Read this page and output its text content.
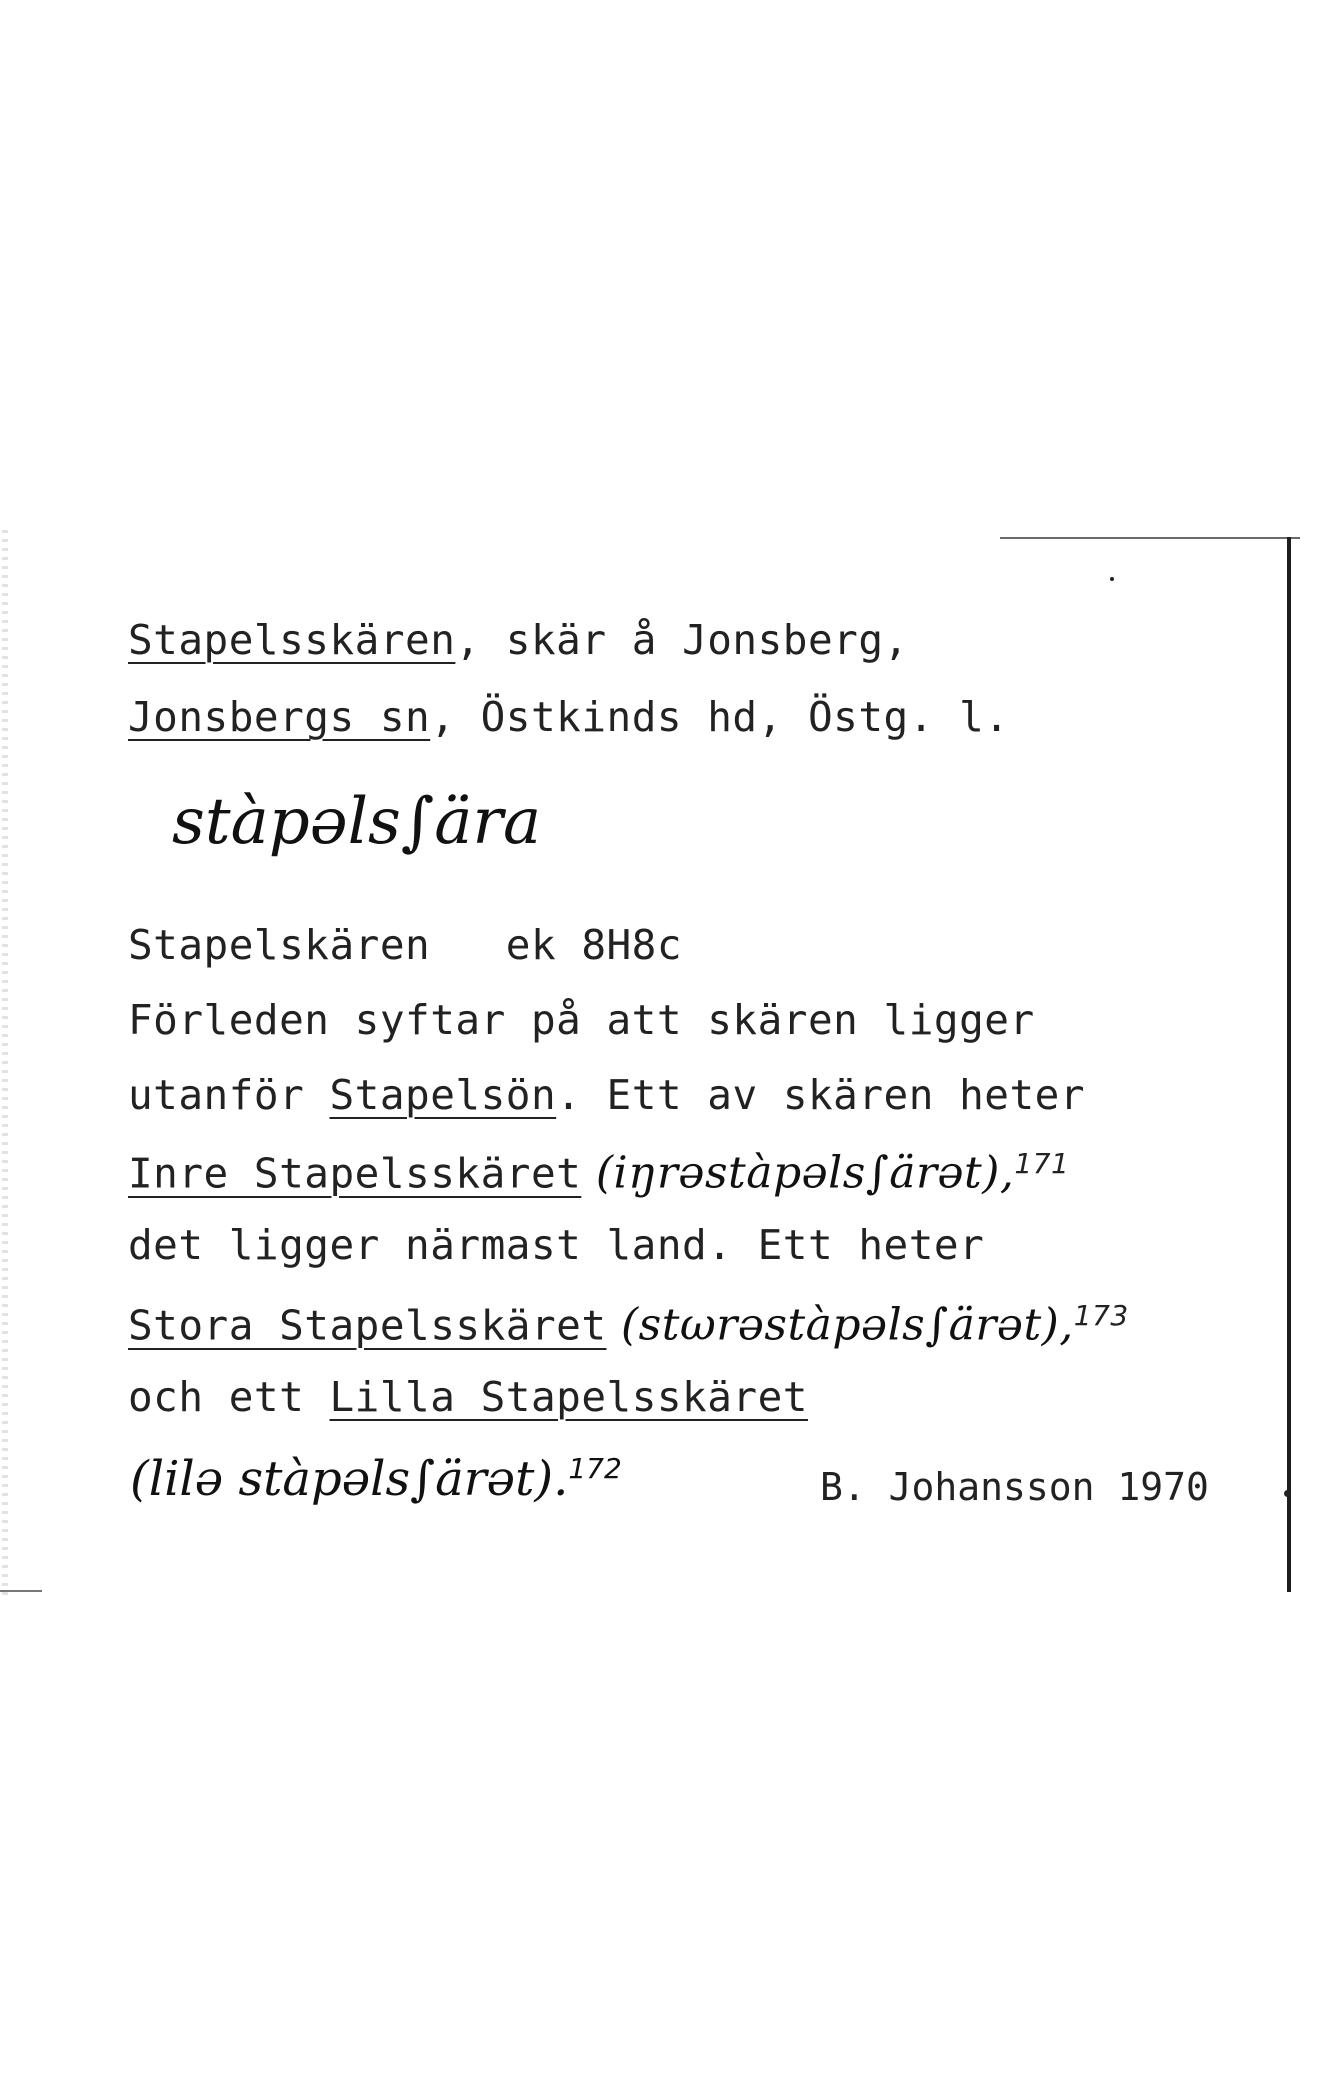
Stapelsskären, skär å Jonsberg,
Jonsbergs sn, Östkinds hd, Östg. l.
stàpəls∫ära
Stapelskären   ek 8H8c
Förleden syftar på att skären ligger
utanför Stapelsön. Ett av skären heter
Inre Stapelsskäret (iŋrəstàpəls∫ärət),$^{171}$
det ligger närmast land. Ett heter
Stora Stapelsskäret (stωrəstàpəls∫ärət),$^{173}$
och ett Lilla Stapelsskäret
(lilə stàpəls∫ärət).$^{172}$	B. Johansson 1970
